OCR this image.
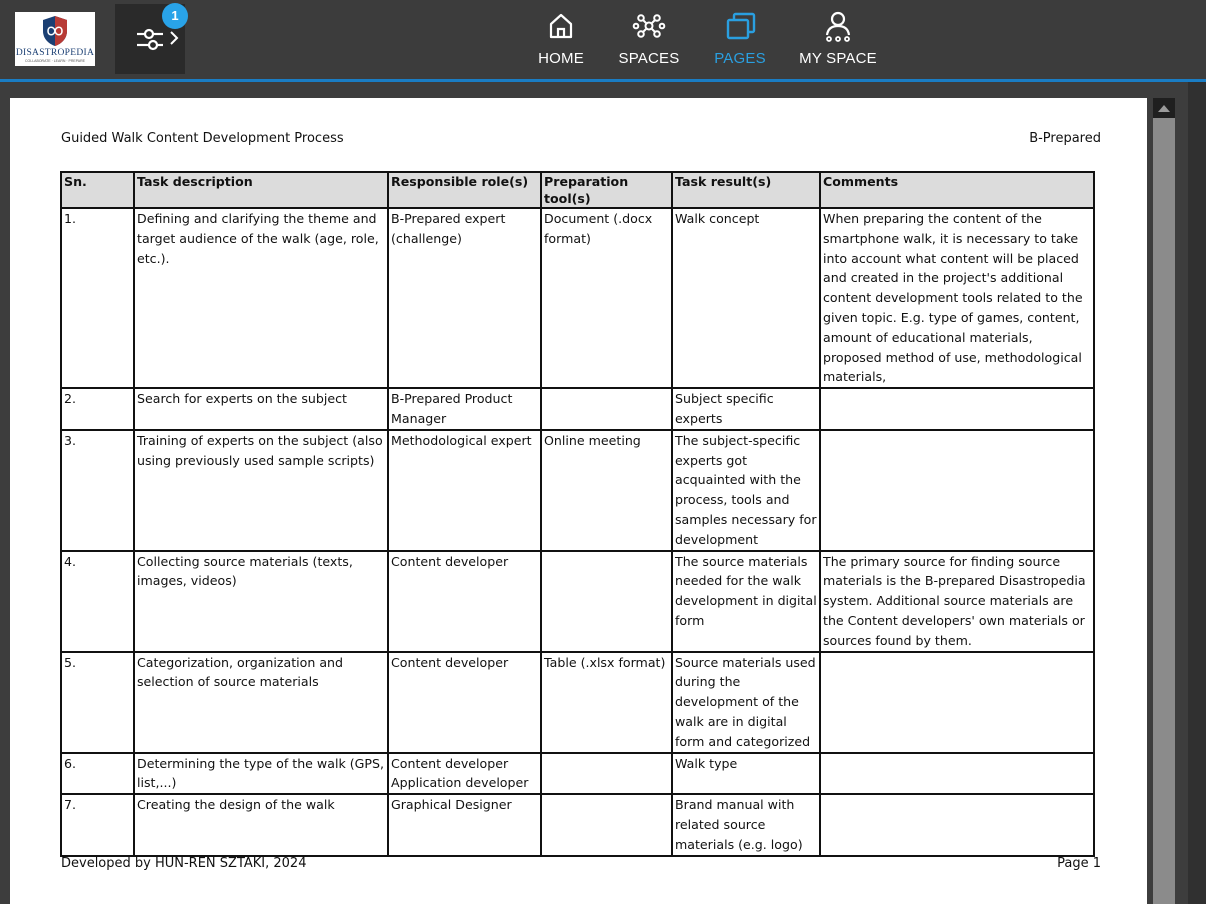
DISASTROPEDIA
COLLABORATE · LEARN · PREPARE
1
HOME	SPACES	PAGES	MY SPACE
Guided Walk Content Development Process	B-Prepared
Sn.	Task description	Responsible role(s)	Preparation tool(s)	Task result(s)	Comments
1.	Defining and clarifying the theme and target audience of the walk (age, role, etc.).	B-Prepared expert (challenge)	Document (.docx format)	Walk concept	When preparing the content of the smartphone walk, it is necessary to take into account what content will be placed and created in the project's additional content development tools related to the given topic. E.g. type of games, content, amount of educational materials, proposed method of use, methodological materials,
2.	Search for experts on the subject	B-Prepared Product Manager		Subject specific experts	
3.	Training of experts on the subject (also using previously used sample scripts)	Methodological expert	Online meeting	The subject-specific experts got acquainted with the process, tools and samples necessary for development	
4.	Collecting source materials (texts, images, videos)	Content developer		The source materials needed for the walk development in digital form	The primary source for finding source materials is the B-prepared Disastropedia system. Additional source materials are the Content developers' own materials or sources found by them.
5.	Categorization, organization and selection of source materials	Content developer	Table (.xlsx format)	Source materials used during the development of the walk are in digital form and categorized	
6.	Determining the type of the walk (GPS, list,...)	Content developer Application developer		Walk type	
7.	Creating the design of the walk	Graphical Designer		Brand manual with related source materials (e.g. logo)	
Developed by HUN-REN SZTAKI, 2024	Page 1
